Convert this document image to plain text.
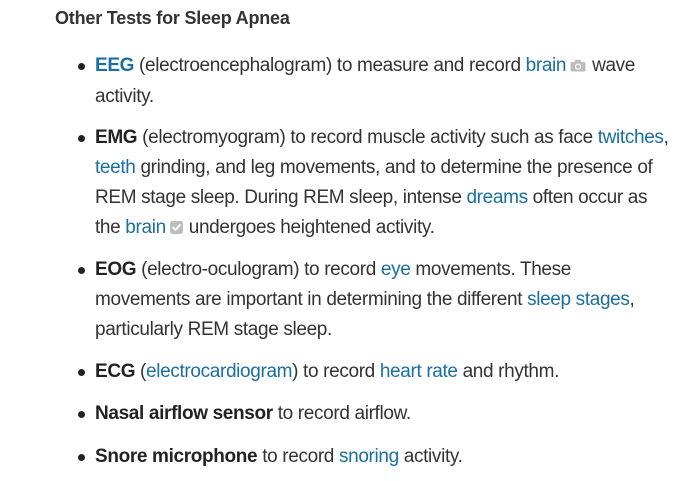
Other Tests for Sleep Apnea
EEG (electroencephalogram) to measure and record brain wave activity.
EMG (electromyogram) to record muscle activity such as face twitches, teeth grinding, and leg movements, and to determine the presence of REM stage sleep. During REM sleep, intense dreams often occur as the brain undergoes heightened activity.
EOG (electro-oculogram) to record eye movements. These movements are important in determining the different sleep stages, particularly REM stage sleep.
ECG (electrocardiogram) to record heart rate and rhythm.
Nasal airflow sensor to record airflow.
Snore microphone to record snoring activity.
